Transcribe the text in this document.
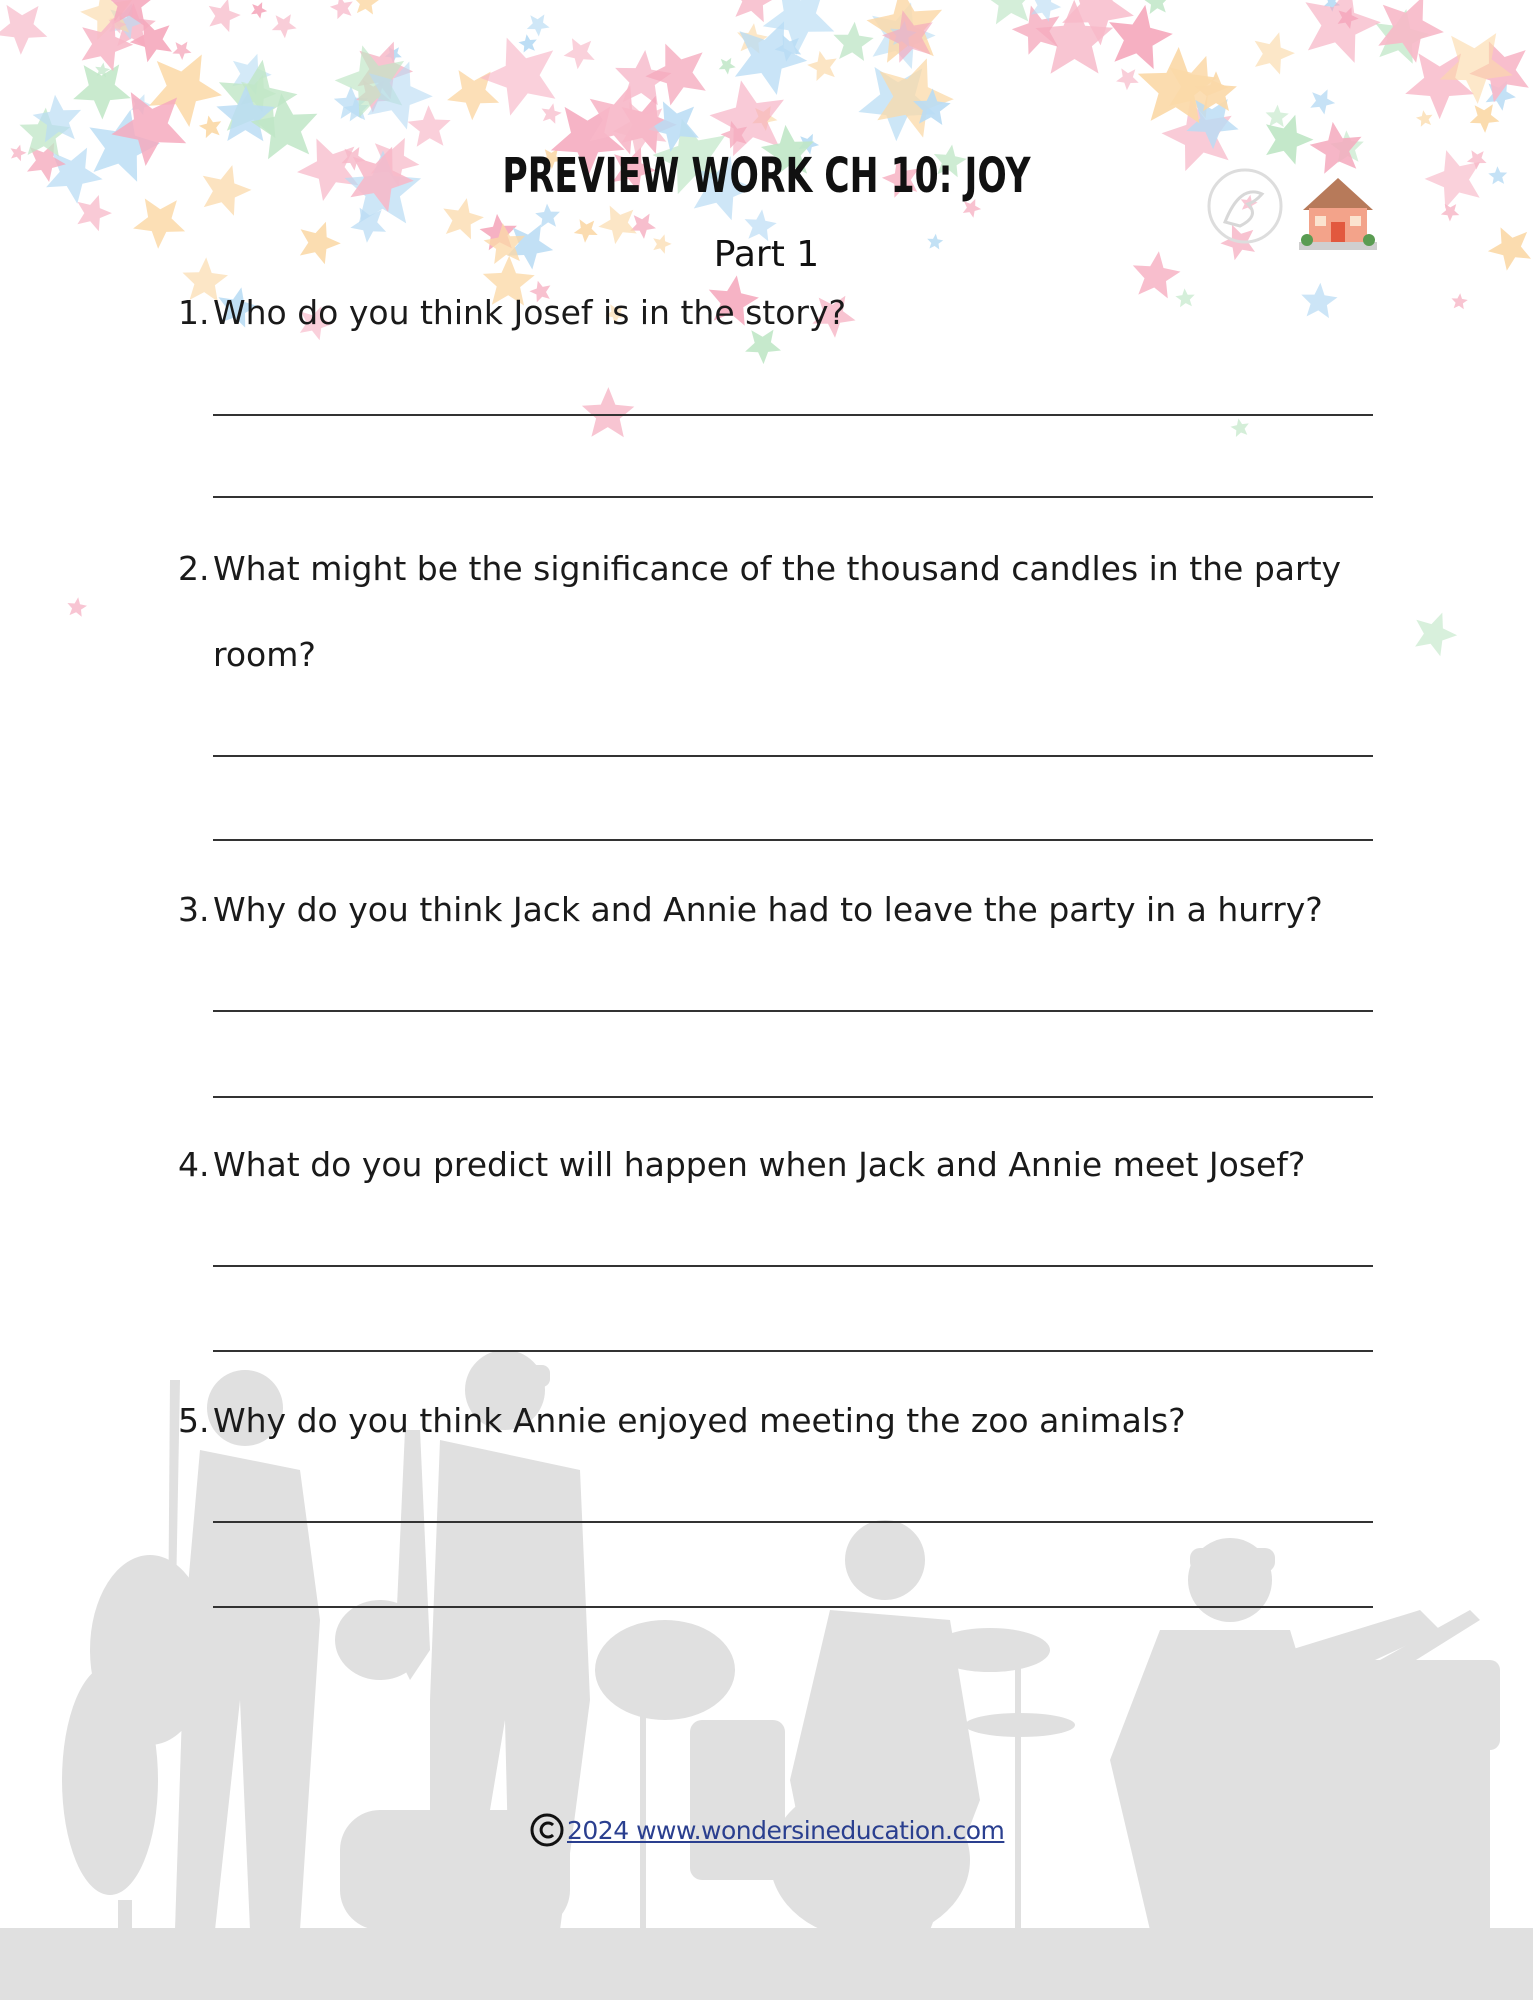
PREVIEW WORK CH 10: JOY
Part 1
1. Who do you think Josef is in the story?
2. What might be the significance of the thousand candles in the party room?
3. Why do you think Jack and Annie had to leave the party in a hurry?
4. What do you predict will happen when Jack and Annie meet Josef?
5. Why do you think Annie enjoyed meeting the zoo animals?
2024 www.wondersineducation.com
